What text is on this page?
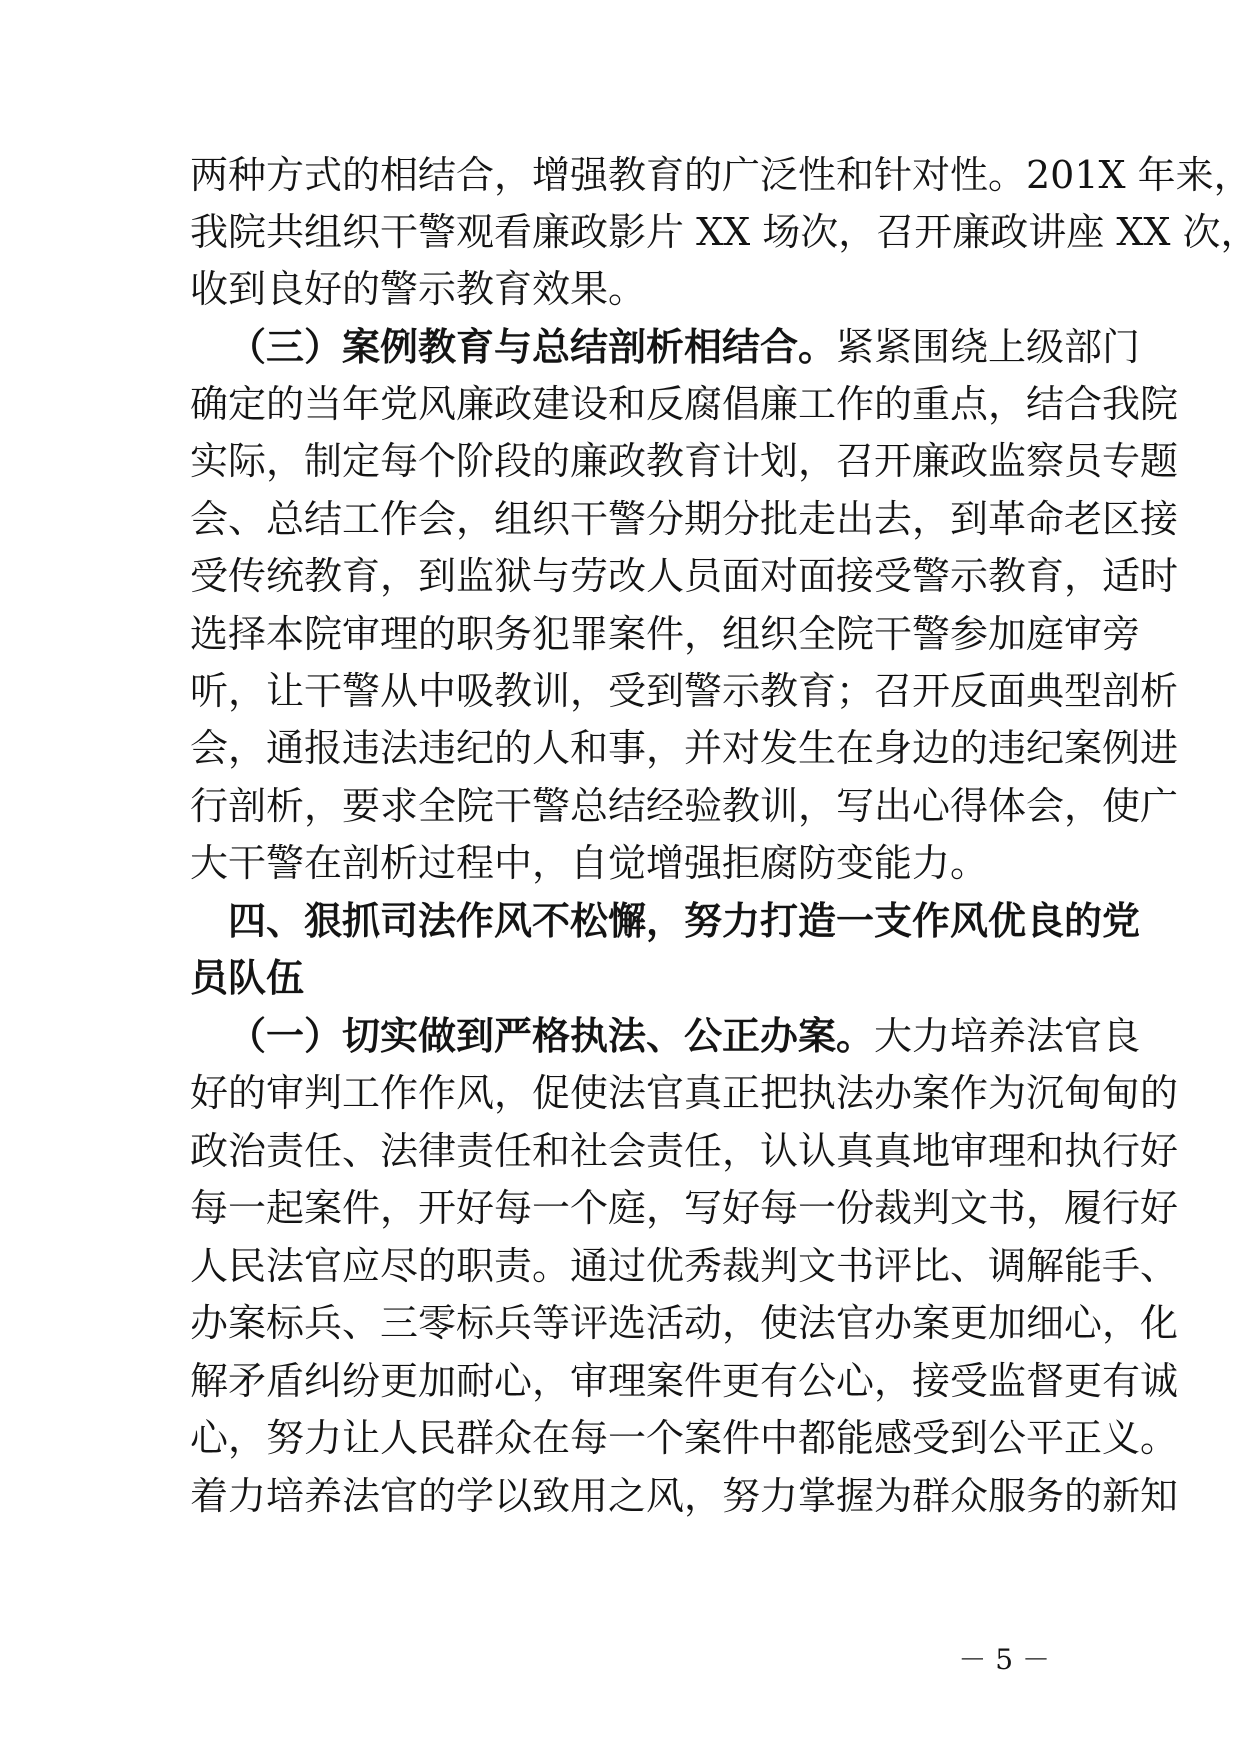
两种方式的相结合，增强教育的广泛性和针对性。201X 年来，
我院共组织干警观看廉政影片 XX 场次，召开廉政讲座 XX 次，
收到良好的警示教育效果。
（三）案例教育与总结剖析相结合。紧紧围绕上级部门
确定的当年党风廉政建设和反腐倡廉工作的重点，结合我院
实际，制定每个阶段的廉政教育计划，召开廉政监察员专题
会、总结工作会，组织干警分期分批走出去，到革命老区接
受传统教育，到监狱与劳改人员面对面接受警示教育，适时
选择本院审理的职务犯罪案件，组织全院干警参加庭审旁
听，让干警从中吸教训，受到警示教育；召开反面典型剖析
会，通报违法违纪的人和事，并对发生在身边的违纪案例进
行剖析，要求全院干警总结经验教训，写出心得体会，使广
大干警在剖析过程中，自觉增强拒腐防变能力。
四、狠抓司法作风不松懈，努力打造一支作风优良的党
员队伍
（一）切实做到严格执法、公正办案。大力培养法官良
好的审判工作作风，促使法官真正把执法办案作为沉甸甸的
政治责任、法律责任和社会责任，认认真真地审理和执行好
每一起案件，开好每一个庭，写好每一份裁判文书，履行好
人民法官应尽的职责。通过优秀裁判文书评比、调解能手、
办案标兵、三零标兵等评选活动，使法官办案更加细心，化
解矛盾纠纷更加耐心，审理案件更有公心，接受监督更有诚
心，努力让人民群众在每一个案件中都能感受到公平正义。
着力培养法官的学以致用之风，努力掌握为群众服务的新知
－ 5 －
